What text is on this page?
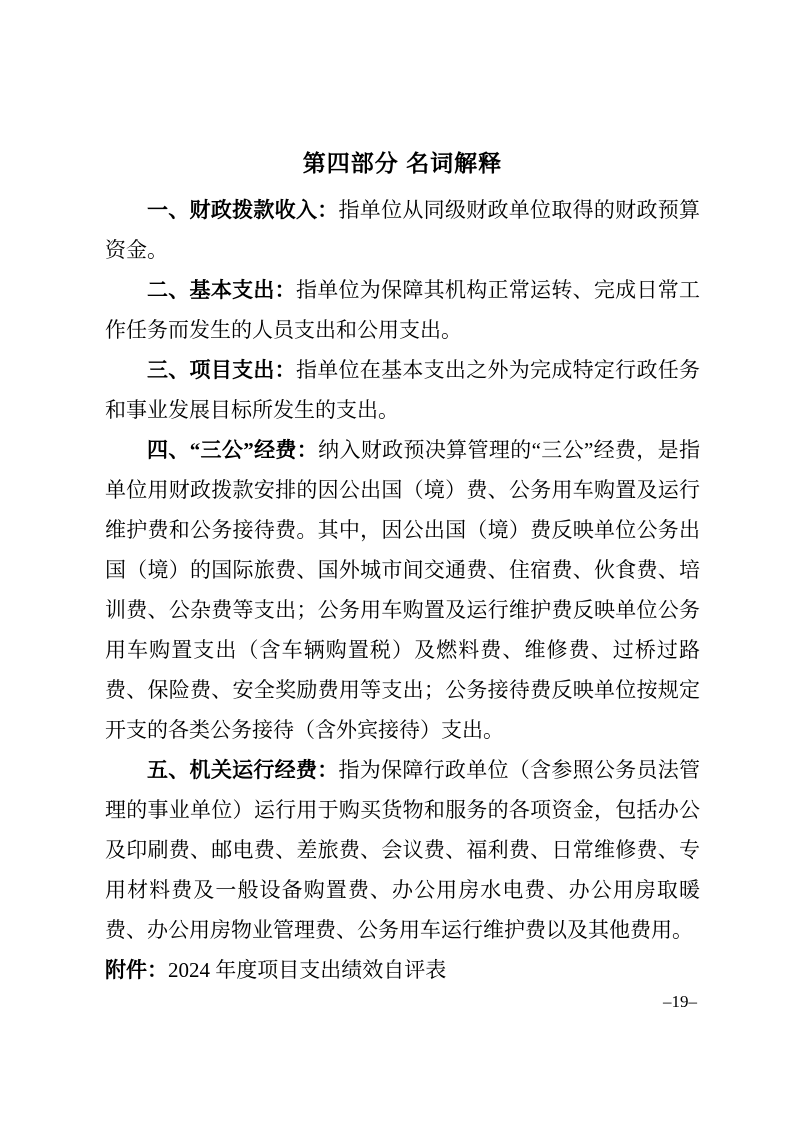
第四部分 名词解释

一、财政拨款收入：指单位从同级财政单位取得的财政预算资金。

二、基本支出：指单位为保障其机构正常运转、完成日常工作任务而发生的人员支出和公用支出。

三、项目支出：指单位在基本支出之外为完成特定行政任务和事业发展目标所发生的支出。

四、“三公”经费：纳入财政预决算管理的“三公”经费，是指单位用财政拨款安排的因公出国（境）费、公务用车购置及运行维护费和公务接待费。其中，因公出国（境）费反映单位公务出国（境）的国际旅费、国外城市间交通费、住宿费、伙食费、培训费、公杂费等支出；公务用车购置及运行维护费反映单位公务用车购置支出（含车辆购置税）及燃料费、维修费、过桥过路费、保险费、安全奖励费用等支出；公务接待费反映单位按规定开支的各类公务接待（含外宾接待）支出。

五、机关运行经费：指为保障行政单位（含参照公务员法管理的事业单位）运行用于购买货物和服务的各项资金，包括办公及印刷费、邮电费、差旅费、会议费、福利费、日常维修费、专用材料费及一般设备购置费、办公用房水电费、办公用房取暖费、办公用房物业管理费、公务用车运行维护费以及其他费用。

附件：2024 年度项目支出绩效自评表

–19–
